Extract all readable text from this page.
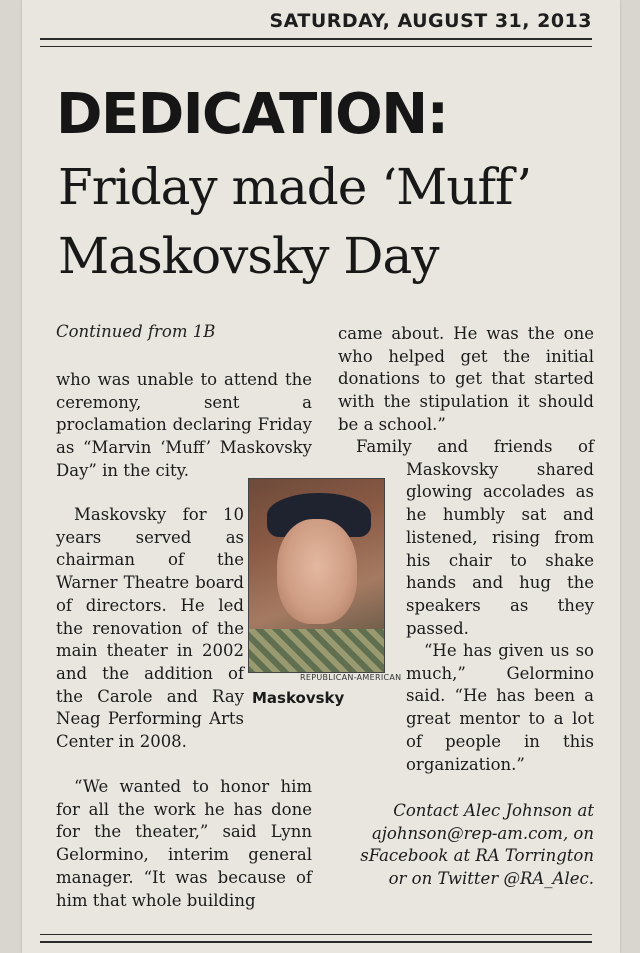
SATURDAY, AUGUST 31, 2013
DEDICATION:
Friday made ‘Muff’ Maskovsky Day
Continued from 1B

who was unable to attend the ceremony, sent a proclamation declaring Friday as “Marvin ‘Muff’ Maskovsky Day” in the city.

Maskovsky for 10 years served as chairman of the Warner Theatre board of directors. He led the renovation of the main theater in 2002 and the addition of the Carole and Ray Neag Performing Arts Center in 2008.

“We wanted to honor him for all the work he has done for the theater,” said Lynn Gelormino, interim general manager. “It was because of him that whole building

REPUBLICAN-AMERICAN
Maskovsky

came about. He was the one who helped get the initial donations to get that started with the stipulation it should be a school.”

Family and friends of Maskovsky shared glowing accolades as he humbly sat and listened, rising from his chair to shake hands and hug the speakers as they passed.

“He has given us so much,” Gelormino said. “He has been a great mentor to a lot of people in this organization.”

Contact Alec Johnson at ajohnson@rep-am.com, on sFacebook at RA Torrington or on Twitter @RA_Alec.
